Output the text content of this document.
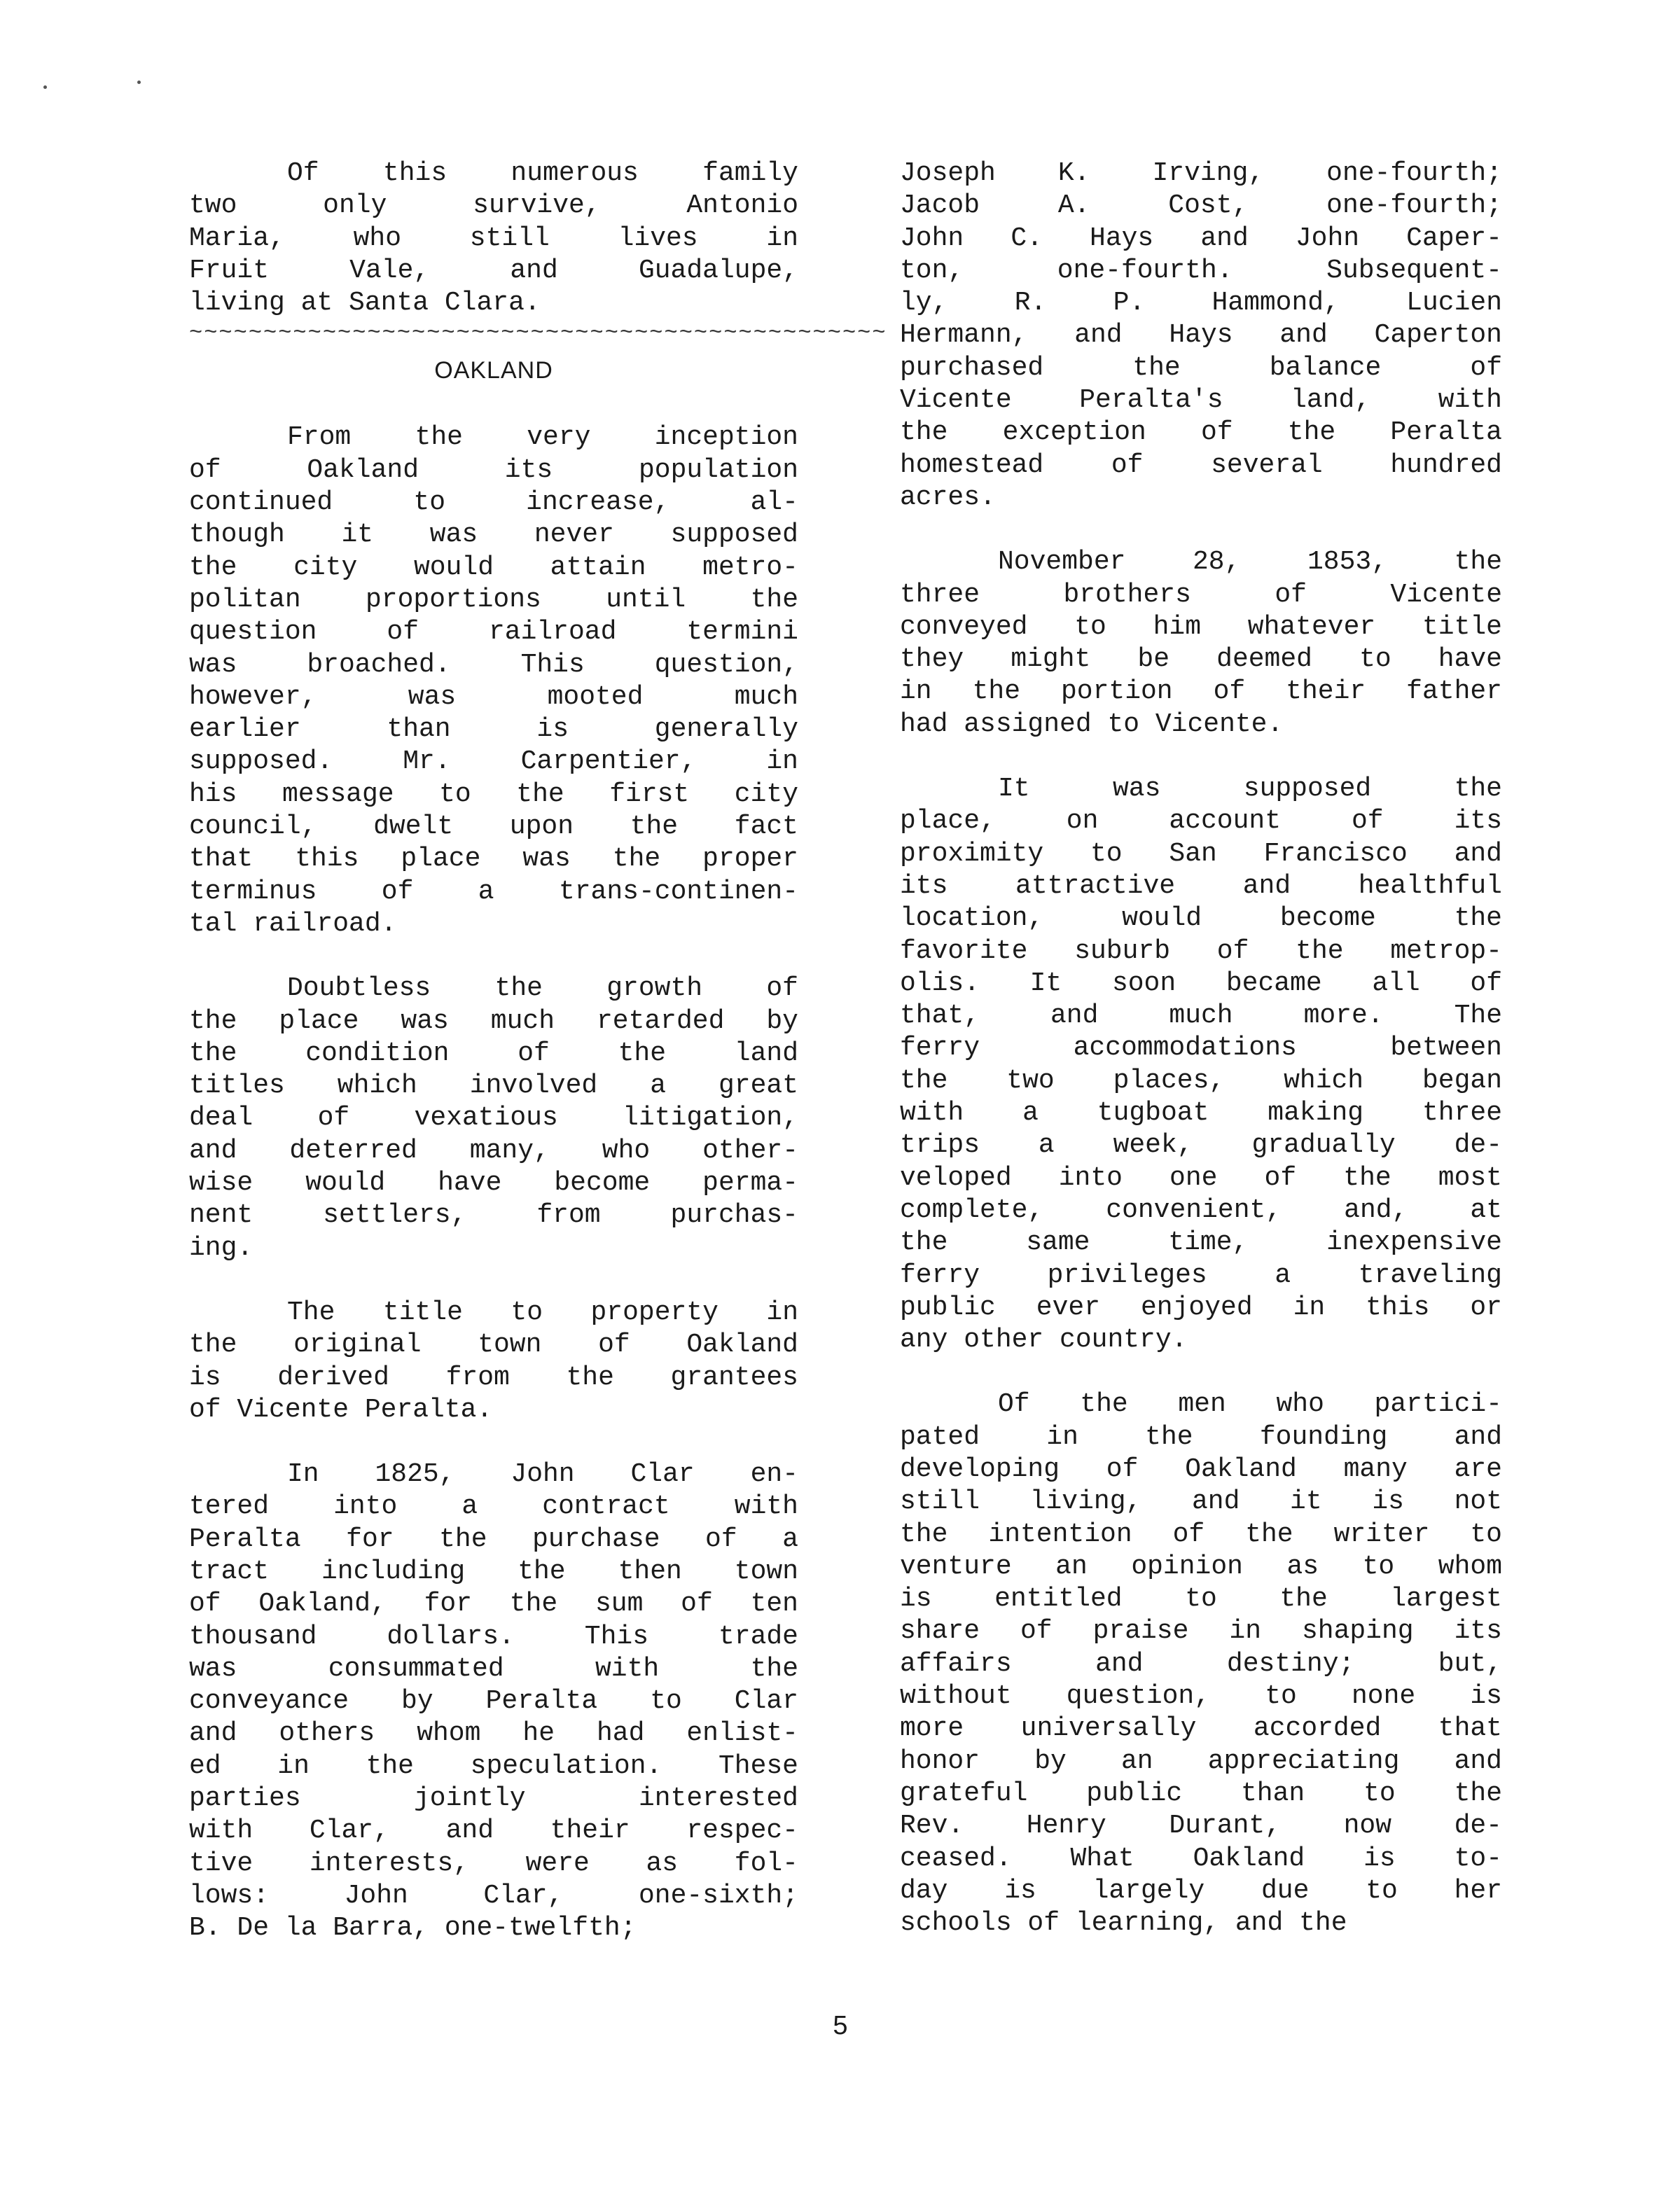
Of this numerous family
two only survive, Antonio
Maria, who still lives in
Fruit Vale, and Guadalupe,
living at Santa Clara.
~~~~~~~~~~~~~~~~~~~~~~~~~~~~~~~~~~~~~~~~~~~~~~~
OAKLAND
From the very inception
of Oakland its population
continued to increase, al-
though it was never supposed
the city would attain metro-
politan proportions until the
question of railroad termini
was broached. This question,
however, was mooted much
earlier than is generally
supposed. Mr. Carpentier, in
his message to the first city
council, dwelt upon the fact
that this place was the proper
terminus of a trans-continen-
tal railroad.
Doubtless the growth of
the place was much retarded by
the condition of the land
titles which involved a great
deal of vexatious litigation,
and deterred many, who other-
wise would have become perma-
nent settlers, from purchas-
ing.
The title to property in
the original town of Oakland
is derived from the grantees
of Vicente Peralta.
In 1825, John Clar en-
tered into a contract with
Peralta for the purchase of a
tract including the then town
of Oakland, for the sum of ten
thousand dollars. This trade
was consummated with the
conveyance by Peralta to Clar
and others whom he had enlist-
ed in the speculation. These
parties jointly interested
with Clar, and their respec-
tive interests, were as fol-
lows: John Clar, one-sixth;
B. De la Barra, one-twelfth;
Joseph K. Irving, one-fourth;
Jacob A. Cost, one-fourth;
John C. Hays and John Caper-
ton, one-fourth. Subsequent-
ly, R. P. Hammond, Lucien
Hermann, and Hays and Caperton
purchased the balance of
Vicente Peralta's land, with
the exception of the Peralta
homestead of several hundred
acres.
November 28, 1853, the
three brothers of Vicente
conveyed to him whatever title
they might be deemed to have
in the portion of their father
had assigned to Vicente.
It was supposed the
place, on account of its
proximity to San Francisco and
its attractive and healthful
location, would become the
favorite suburb of the metrop-
olis. It soon became all of
that, and much more. The
ferry accommodations between
the two places, which began
with a tugboat making three
trips a week, gradually de-
veloped into one of the most
complete, convenient, and, at
the same time, inexpensive
ferry privileges a traveling
public ever enjoyed in this or
any other country.
Of the men who partici-
pated in the founding and
developing of Oakland many are
still living, and it is not
the intention of the writer to
venture an opinion as to whom
is entitled to the largest
share of praise in shaping its
affairs and destiny; but,
without question, to none is
more universally accorded that
honor by an appreciating and
grateful public than to the
Rev. Henry Durant, now de-
ceased. What Oakland is to-
day is largely due to her
schools of learning, and the
5
